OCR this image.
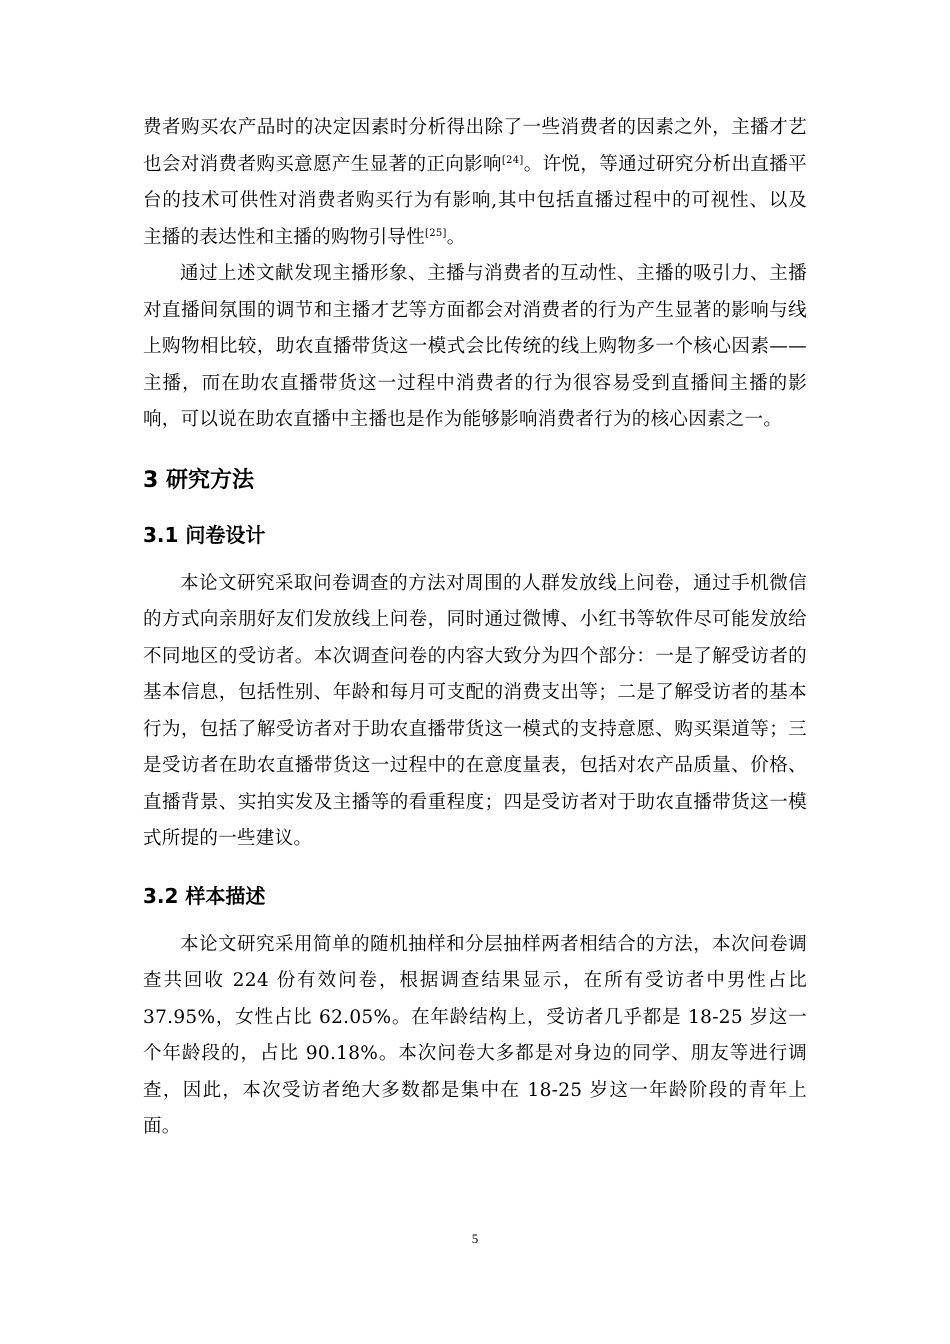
费者购买农产品时的决定因素时分析得出除了一些消费者的因素之外，主播才艺也会对消费者购买意愿产生显著的正向影响[24]。许悦，等通过研究分析出直播平台的技术可供性对消费者购买行为有影响,其中包括直播过程中的可视性、以及主播的表达性和主播的购物引导性[25]。

通过上述文献发现主播形象、主播与消费者的互动性、主播的吸引力、主播对直播间氛围的调节和主播才艺等方面都会对消费者的行为产生显著的影响与线上购物相比较，助农直播带货这一模式会比传统的线上购物多一个核心因素——主播，而在助农直播带货这一过程中消费者的行为很容易受到直播间主播的影响，可以说在助农直播中主播也是作为能够影响消费者行为的核心因素之一。

3 研究方法
3.1 问卷设计

本论文研究采取问卷调查的方法对周围的人群发放线上问卷，通过手机微信的方式向亲朋好友们发放线上问卷，同时通过微博、小红书等软件尽可能发放给不同地区的受访者。本次调查问卷的内容大致分为四个部分：一是了解受访者的基本信息，包括性别、年龄和每月可支配的消费支出等；二是了解受访者的基本行为，包括了解受访者对于助农直播带货这一模式的支持意愿、购买渠道等；三是受访者在助农直播带货这一过程中的在意度量表，包括对农产品质量、价格、直播背景、实拍实发及主播等的看重程度；四是受访者对于助农直播带货这一模式所提的一些建议。

3.2 样本描述

本论文研究采用简单的随机抽样和分层抽样两者相结合的方法，本次问卷调查共回收 224 份有效问卷，根据调查结果显示，在所有受访者中男性占比 37.95%，女性占比 62.05%。在年龄结构上，受访者几乎都是 18-25 岁这一个年龄段的，占比 90.18%。本次问卷大多都是对身边的同学、朋友等进行调查，因此，本次受访者绝大多数都是集中在 18-25 岁这一年龄阶段的青年上面。

5
